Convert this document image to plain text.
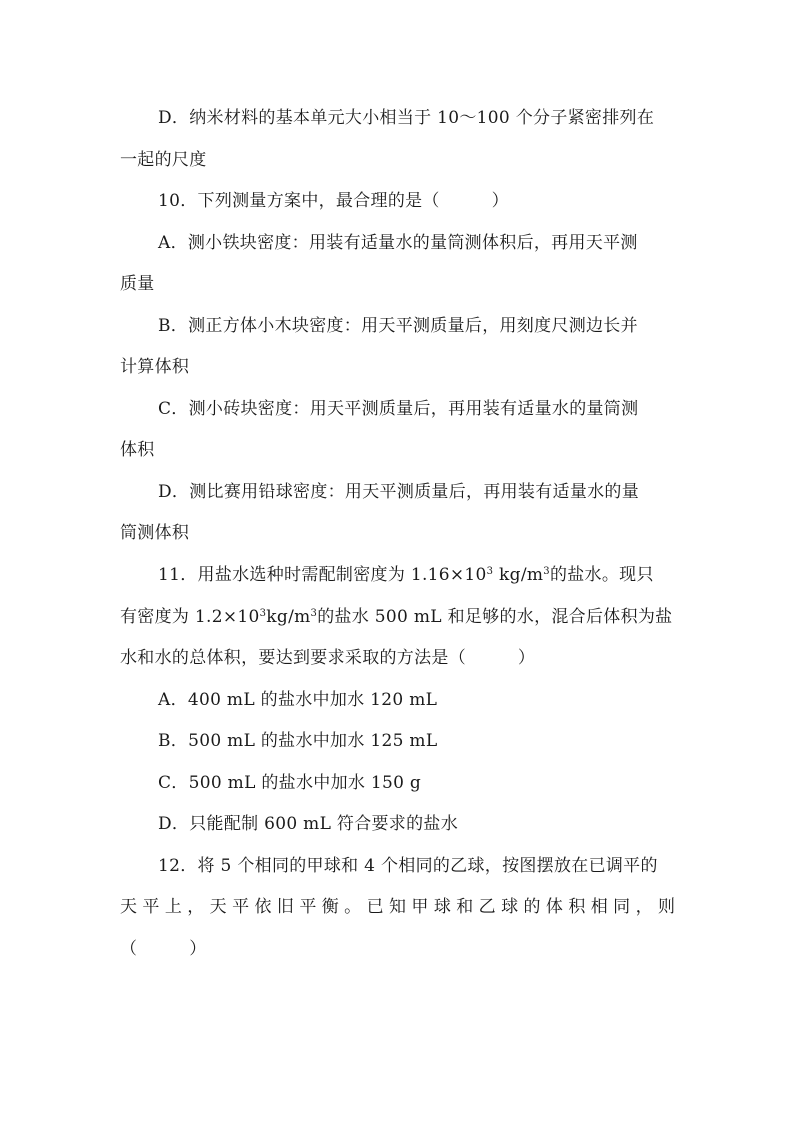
D．纳米材料的基本单元大小相当于 10～100 个分子紧密排列在
一起的尺度
10．下列测量方案中，最合理的是（　　　）
A．测小铁块密度：用装有适量水的量筒测体积后，再用天平测
质量
B．测正方体小木块密度：用天平测质量后，用刻度尺测边长并
计算体积
C．测小砖块密度：用天平测质量后，再用装有适量水的量筒测
体积
D．测比赛用铅球密度：用天平测质量后，再用装有适量水的量
筒测体积
11．用盐水选种时需配制密度为 $1.16\times 10^3$ $kg/m^3$的盐水。现只
有密度为 $1.2\times 10^3kg/m^3$的盐水 500 mL 和足够的水，混合后体积为盐
水和水的总体积，要达到要求采取的方法是（　　　）
A．400 mL 的盐水中加水 120 mL
B．500 mL 的盐水中加水 125 mL
C．500 mL 的盐水中加水 150 g
D．只能配制 600 mL 符合要求的盐水
12．将 5 个相同的甲球和 4 个相同的乙球，按图摆放在已调平的
天平上，天平依旧平衡。已知甲球和乙球的体积相同，则
（　　　）
